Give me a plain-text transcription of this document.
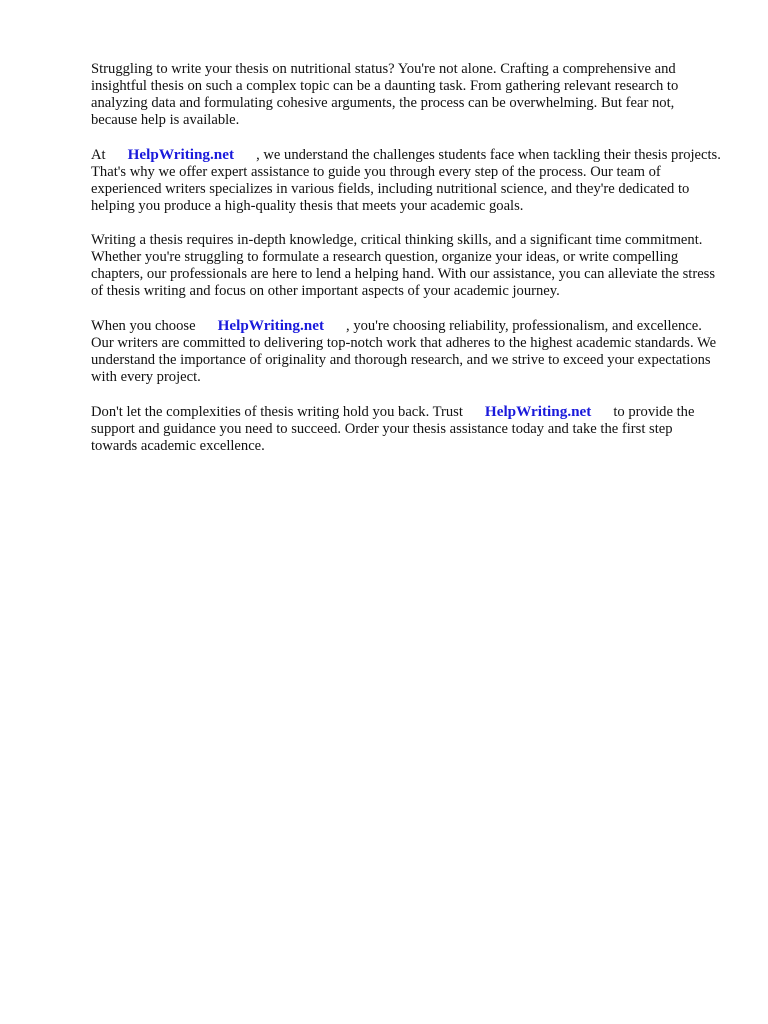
Struggling to write your thesis on nutritional status? You're not alone. Crafting a comprehensive and insightful thesis on such a complex topic can be a daunting task. From gathering relevant research to analyzing data and formulating cohesive arguments, the process can be overwhelming. But fear not, because help is available.

At HelpWriting.net , we understand the challenges students face when tackling their thesis projects. That's why we offer expert assistance to guide you through every step of the process. Our team of experienced writers specializes in various fields, including nutritional science, and they're dedicated to helping you produce a high-quality thesis that meets your academic goals.

Writing a thesis requires in-depth knowledge, critical thinking skills, and a significant time commitment. Whether you're struggling to formulate a research question, organize your ideas, or write compelling chapters, our professionals are here to lend a helping hand. With our assistance, you can alleviate the stress of thesis writing and focus on other important aspects of your academic journey.

When you choose HelpWriting.net , you're choosing reliability, professionalism, and excellence. Our writers are committed to delivering top-notch work that adheres to the highest academic standards. We understand the importance of originality and thorough research, and we strive to exceed your expectations with every project.

Don't let the complexities of thesis writing hold you back. Trust HelpWriting.net to provide the support and guidance you need to succeed. Order your thesis assistance today and take the first step towards academic excellence.
